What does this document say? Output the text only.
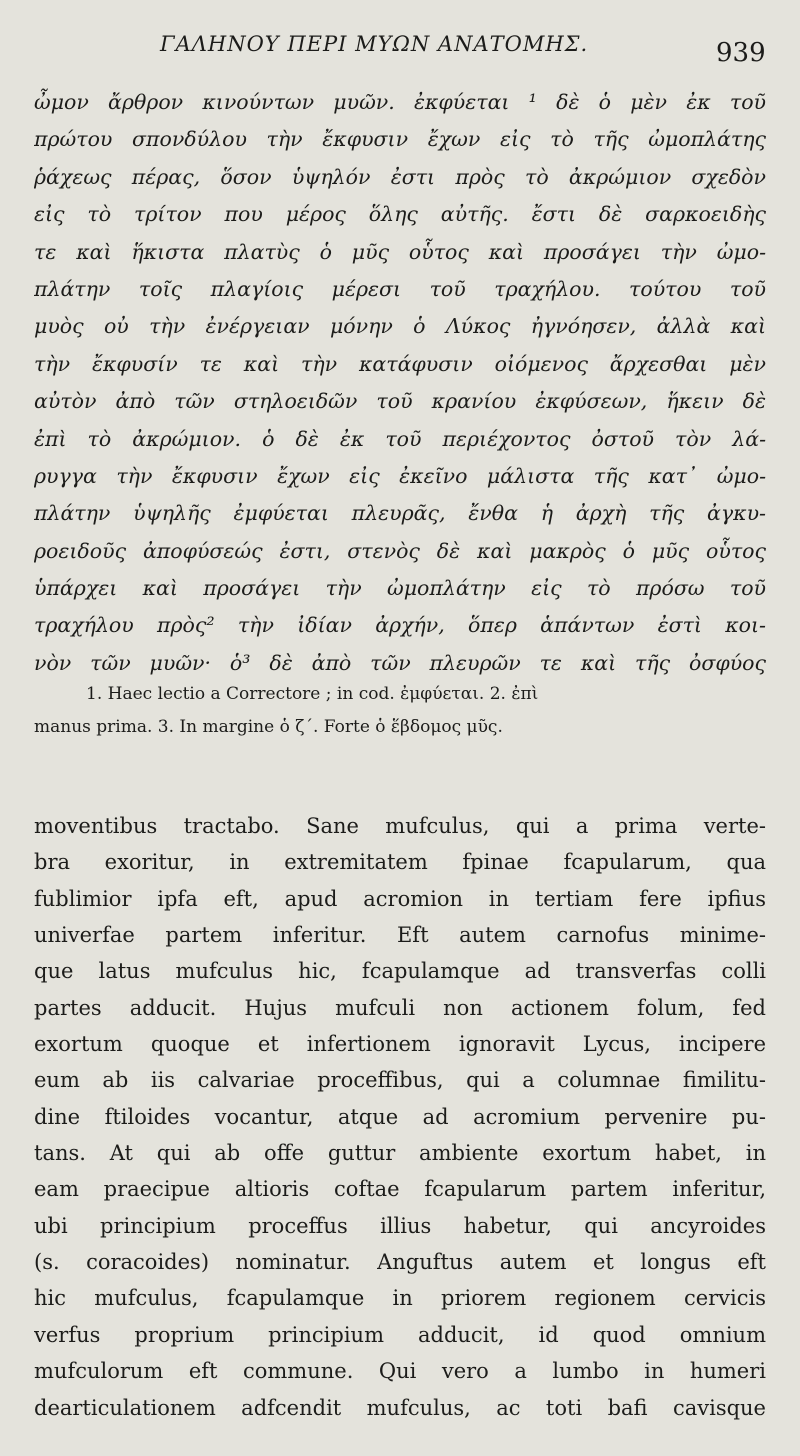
ΓΑΛΗΝΟΥ ΠΕΡΙ ΜΥΩΝ ΑΝΑΤΟΜΗΣ.	939
ὦμον ἄρθρον κινούντων μυῶν. ἐκφύεται ¹ δὲ ὁ μὲν ἐκ τοῦ
πρώτου σπονδύλου τὴν ἔκφυσιν ἔχων εἰς τὸ τῆς ὠμοπλάτης
ῥάχεως πέρας, ὅσον ὑψηλόν ἐστι πρὸς τὸ ἀκρώμιον σχεδὸν
εἰς τὸ τρίτον που μέρος ὅλης αὐτῆς. ἔστι δὲ σαρκοειδὴς
τε καὶ ἥκιστα πλατὺς ὁ μῦς οὗτος καὶ προσάγει τὴν ὠμο-
πλάτην τοῖς πλαγίοις μέρεσι τοῦ τραχήλου. τούτου τοῦ
μυὸς οὐ τὴν ἐνέργειαν μόνην ὁ Λύκος ἠγνόησεν, ἀλλὰ καὶ
τὴν ἔκφυσίν τε καὶ τὴν κατάφυσιν οἰόμενος ἄρχεσθαι μὲν
αὐτὸν ἀπὸ τῶν στηλοειδῶν τοῦ κρανίου ἐκφύσεων, ἥκειν δὲ
ἐπὶ τὸ ἀκρώμιον. ὁ δὲ ἐκ τοῦ περιέχοντος ὀστοῦ τὸν λά-
ρυγγα τὴν ἔκφυσιν ἔχων εἰς ἐκεῖνο μάλιστα τῆς κατ᾽ ὠμο-
πλάτην ὑψηλῆς ἐμφύεται πλευρᾶς, ἔνθα ἡ ἀρχὴ τῆς ἀγκυ-
ροειδοῦς ἀποφύσεώς ἐστι, στενὸς δὲ καὶ μακρὸς ὁ μῦς οὗτος
ὑπάρχει καὶ προσάγει τὴν ὠμοπλάτην εἰς τὸ πρόσω τοῦ
τραχήλου πρὸς² τὴν ἰδίαν ἀρχήν, ὅπερ ἁπάντων ἐστὶ κοι-
νὸν τῶν μυῶν· ὁ³ δὲ ἀπὸ τῶν πλευρῶν τε καὶ τῆς ὀσφύος
1. Haec lectio a Correctore ; in cod. ἐμφύεται. 2. ἐπὶ
manus prima. 3. In margine ὁ ζ΄. Forte ὁ ἕβδομος μῦς.
moventibus tractabo. Sane mufculus, qui a prima verte-
bra exoritur, in extremitatem fpinae fcapularum, qua
fublimior ipfa eft, apud acromion in tertiam fere ipfius
univerfae partem inferitur. Eft autem carnofus minime-
que latus mufculus hic, fcapulamque ad transverfas colli
partes adducit. Hujus mufculi non actionem folum, fed
exortum quoque et infertionem ignoravit Lycus, incipere
eum ab iis calvariae proceffibus, qui a columnae fimilitu-
dine ftiloides vocantur, atque ad acromium pervenire pu-
tans. At qui ab offe guttur ambiente exortum habet, in
eam praecipue altioris coftae fcapularum partem inferitur,
ubi principium proceffus illius habetur, qui ancyroides
(s. coracoides) nominatur. Anguftus autem et longus eft
hic mufculus, fcapulamque in priorem regionem cervicis
verfus proprium principium adducit, id quod omnium
mufculorum eft commune. Qui vero a lumbo in humeri
dearticulationem adfcendit mufculus, ac toti bafi cavisque
